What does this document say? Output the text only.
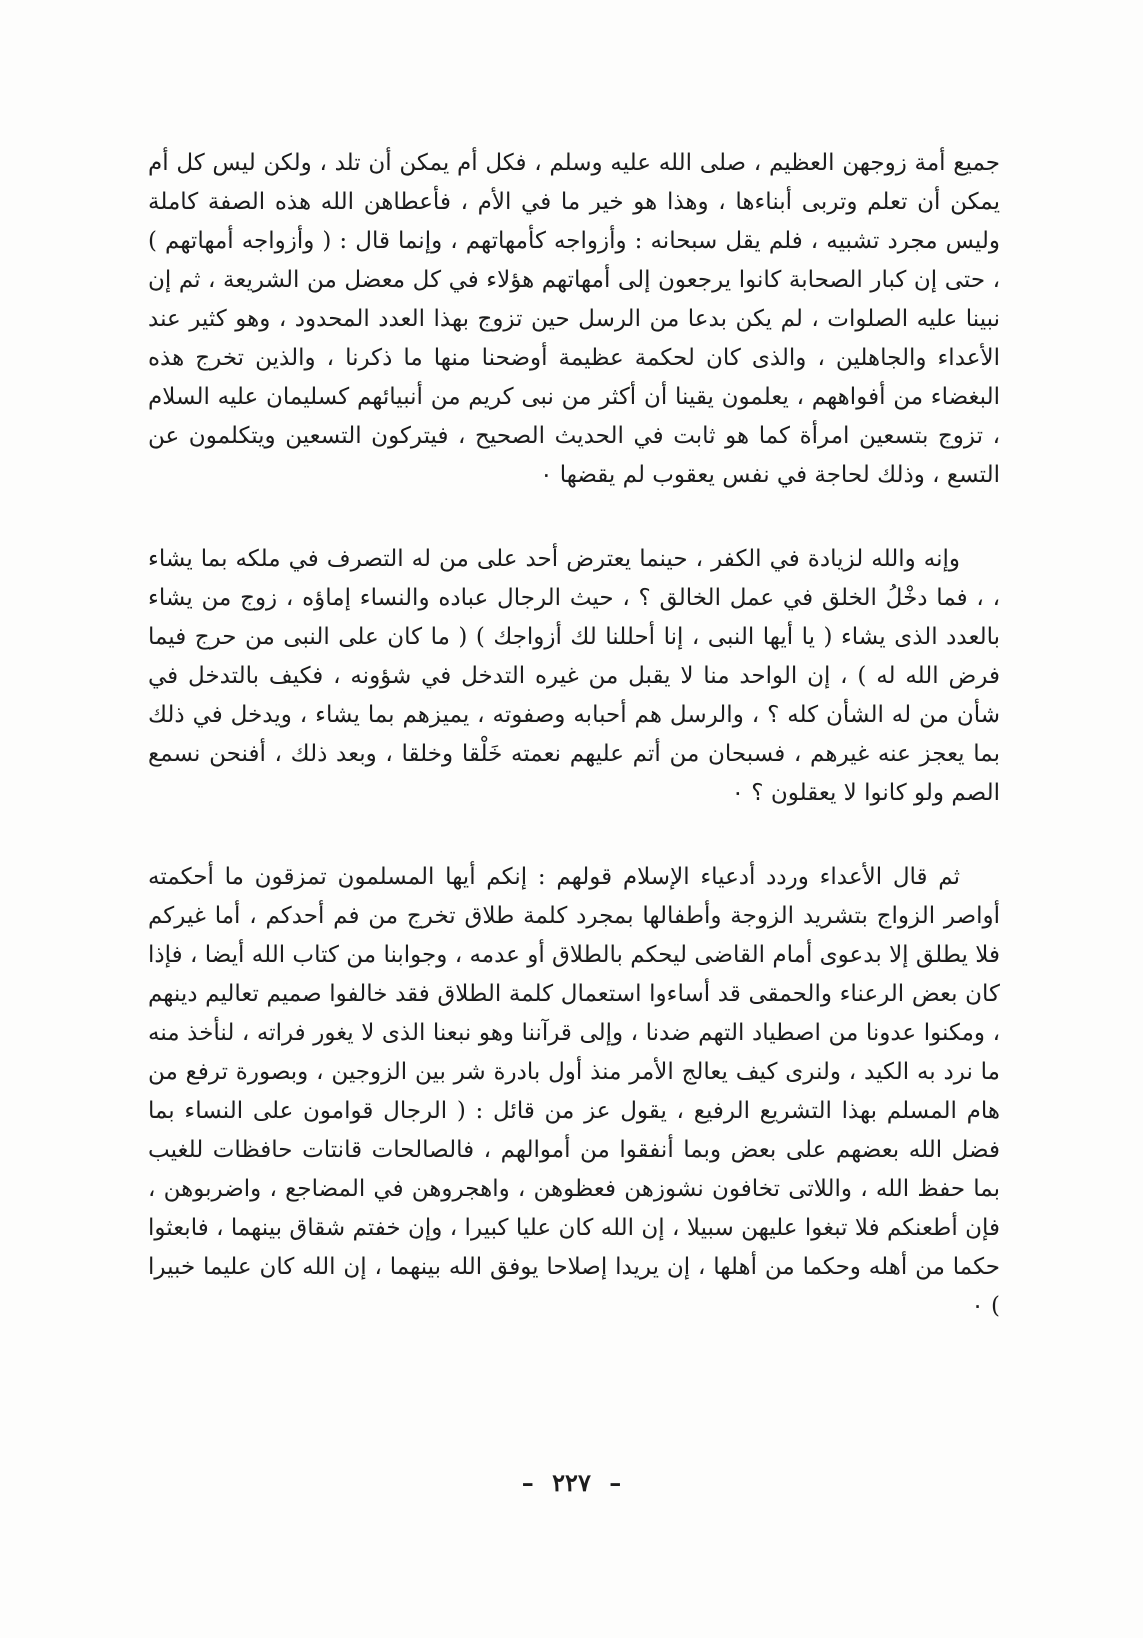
جميع أمة زوجهن العظيم ، صلى الله عليه وسلم ، فكل أم يمكن أن تلد ، ولكن ليس كل أم يمكن أن تعلم وتربى أبناءها ، وهذا هو خير ما في الأم ، فأعطاهن الله هذه الصفة كاملة وليس مجرد تشبيه ، فلم يقل سبحانه : وأزواجه كأمهاتهم ، وإنما قال : ( وأزواجه أمهاتهم ) ، حتى إن كبار الصحابة كانوا يرجعون إلى أمهاتهم هؤلاء في كل معضل من الشريعة ، ثم إن نبينا عليه الصلوات ، لم يكن بدعا من الرسل حين تزوج بهذا العدد المحدود ، وهو كثير عند الأعداء والجاهلين ، والذى كان لحكمة عظيمة أوضحنا منها ما ذكرنا ، والذين تخرج هذه البغضاء من أفواههم ، يعلمون يقينا أن أكثر من نبى كريم من أنبيائهم كسليمان عليه السلام ، تزوج بتسعين امرأة كما هو ثابت في الحديث الصحيح ، فيتركون التسعين ويتكلمون عن التسع ، وذلك لحاجة في نفس يعقوب لم يقضها ٠

وإنه والله لزيادة في الكفر ، حينما يعترض أحد على من له التصرف في ملكه بما يشاء ، ، فما دخْلُ الخلق في عمل الخالق ؟ ، حيث الرجال عباده والنساء إماؤه ، زوج من يشاء بالعدد الذى يشاء ( يا أيها النبى ، إنا أحللنا لك أزواجك ) ( ما كان على النبى من حرج فيما فرض الله له ) ، إن الواحد منا لا يقبل من غيره التدخل في شؤونه ، فكيف بالتدخل في شأن من له الشأن كله ؟ ، والرسل هم أحبابه وصفوته ، يميزهم بما يشاء ، ويدخل في ذلك بما يعجز عنه غيرهم ، فسبحان من أتم عليهم نعمته خَلْقا وخلقا ، وبعد ذلك ، أفنحن نسمع الصم ولو كانوا لا يعقلون ؟ ٠

ثم قال الأعداء وردد أدعياء الإسلام قولهم : إنكم أيها المسلمون تمزقون ما أحكمته أواصر الزواج بتشريد الزوجة وأطفالها بمجرد كلمة طلاق تخرج من فم أحدكم ، أما غيركم فلا يطلق إلا بدعوى أمام القاضى ليحكم بالطلاق أو عدمه ، وجوابنا من كتاب الله أيضا ، فإذا كان بعض الرعناء والحمقى قد أساءوا استعمال كلمة الطلاق فقد خالفوا صميم تعاليم دينهم ، ومكنوا عدونا من اصطياد التهم ضدنا ، وإلى قرآننا وهو نبعنا الذى لا يغور فراته ، لنأخذ منه ما نرد به الكيد ، ولنرى كيف يعالج الأمر منذ أول بادرة شر بين الزوجين ، وبصورة ترفع من هام المسلم بهذا التشريع الرفيع ، يقول عز من قائل : ( الرجال قوامون على النساء بما فضل الله بعضهم على بعض وبما أنفقوا من أموالهم ، فالصالحات قانتات حافظات للغيب بما حفظ الله ، واللاتى تخافون نشوزهن فعظوهن ، واهجروهن في المضاجع ، واضربوهن ، فإن أطعنكم فلا تبغوا عليهن سبيلا ، إن الله كان عليا كبيرا ، وإن خفتم شقاق بينهما ، فابعثوا حكما من أهله وحكما من أهلها ، إن يريدا إصلاحا يوفق الله بينهما ، إن الله كان عليما خبيرا ) ٠

– ٢٢٧ –
